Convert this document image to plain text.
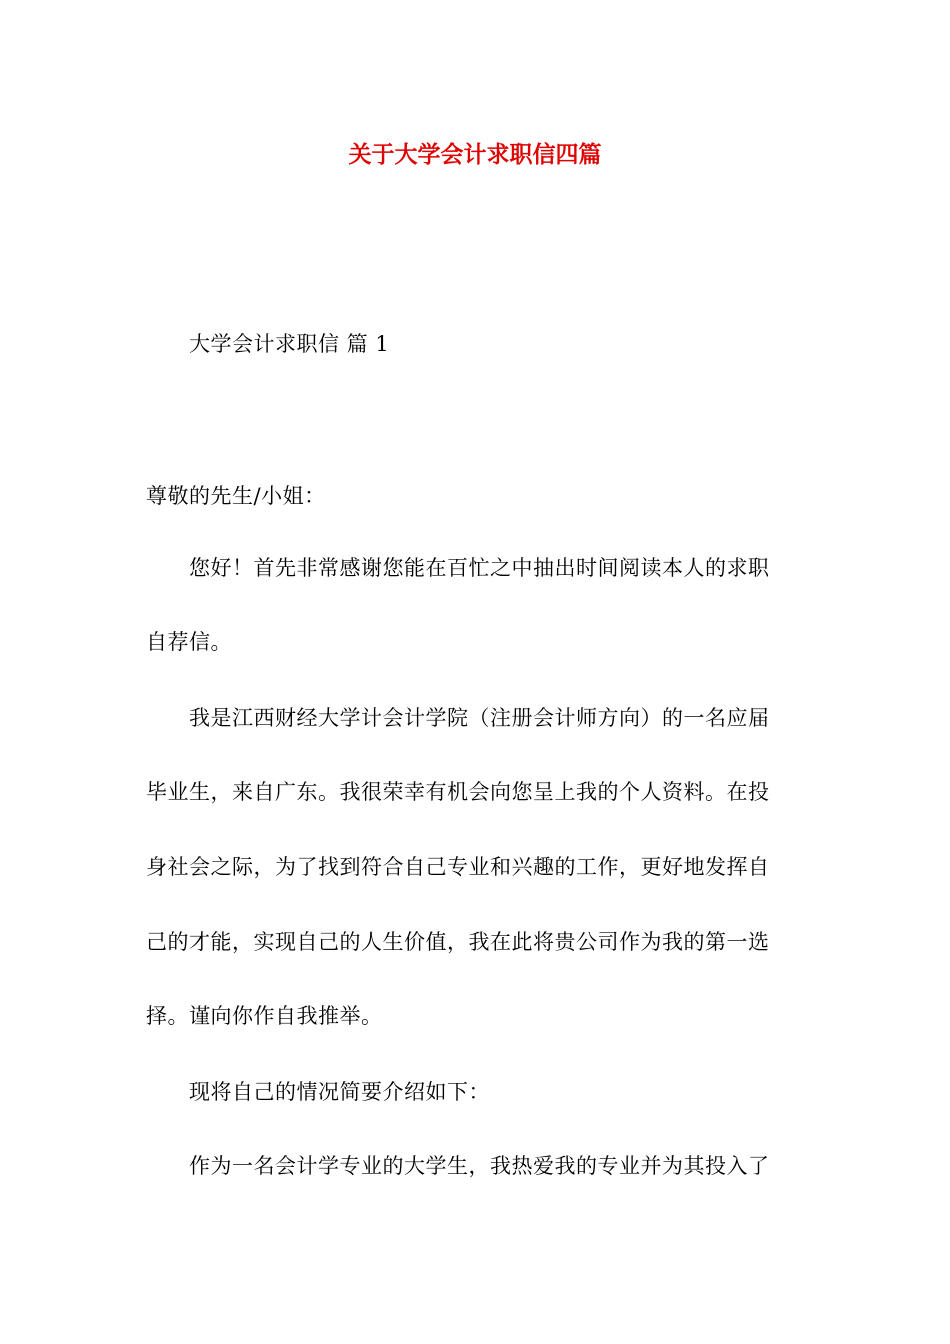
关于大学会计求职信四篇
大学会计求职信 篇 1
尊敬的先生/小姐：
您好！首先非常感谢您能在百忙之中抽出时间阅读本人的求职
自荐信。
我是江西财经大学计会计学院（注册会计师方向）的一名应届
毕业生，来自广东。我很荣幸有机会向您呈上我的个人资料。在投
身社会之际，为了找到符合自己专业和兴趣的工作，更好地发挥自
己的才能，实现自己的人生价值，我在此将贵公司作为我的第一选
择。谨向你作自我推举。
现将自己的情况简要介绍如下：
作为一名会计学专业的大学生，我热爱我的专业并为其投入了
